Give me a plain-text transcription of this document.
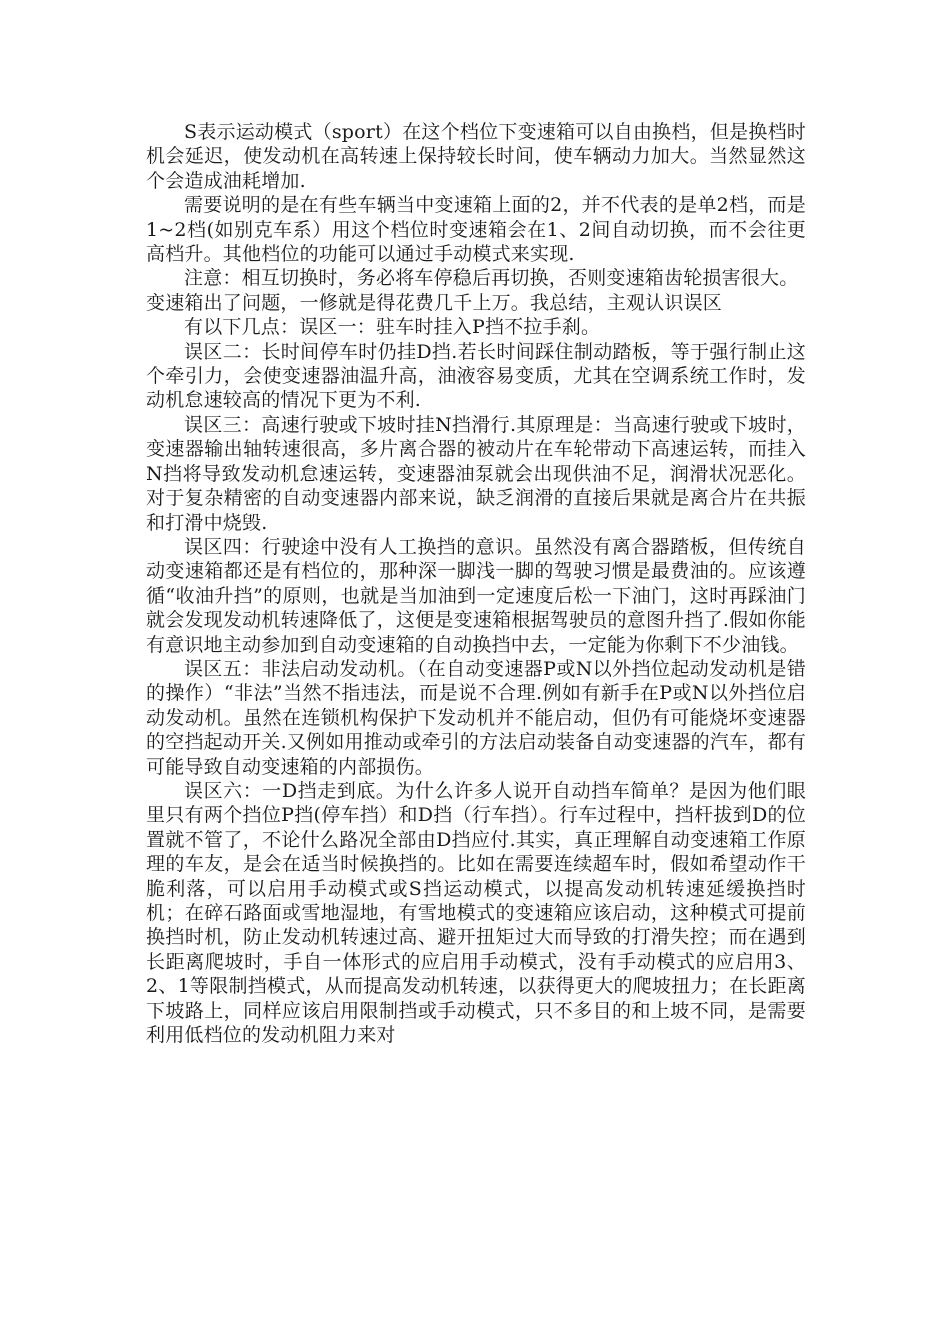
S表示运动模式（sport）在这个档位下变速箱可以自由换档，但是换档时机会延迟，使发动机在高转速上保持较长时间，使车辆动力加大。当然显然这个会造成油耗增加.

需要说明的是在有些车辆当中变速箱上面的2，并不代表的是单2档，而是1~2档(如别克车系）用这个档位时变速箱会在1、2间自动切换，而不会往更高档升。其他档位的功能可以通过手动模式来实现.

注意：相互切换时，务必将车停稳后再切换，否则变速箱齿轮损害很大。

变速箱出了问题，一修就是得花费几千上万。我总结，主观认识误区

有以下几点：误区一：驻车时挂入P挡不拉手刹。

误区二：长时间停车时仍挂D挡.若长时间踩住制动踏板，等于强行制止这个牵引力，会使变速器油温升高，油液容易变质，尤其在空调系统工作时，发动机怠速较高的情况下更为不利.

误区三：高速行驶或下坡时挂N挡滑行.其原理是：当高速行驶或下坡时，变速器输出轴转速很高，多片离合器的被动片在车轮带动下高速运转，而挂入N挡将导致发动机怠速运转，变速器油泵就会出现供油不足，润滑状况恶化。对于复杂精密的自动变速器内部来说，缺乏润滑的直接后果就是离合片在共振和打滑中烧毁.

误区四：行驶途中没有人工换挡的意识。虽然没有离合器踏板，但传统自动变速箱都还是有档位的，那种深一脚浅一脚的驾驶习惯是最费油的。应该遵循“收油升挡”的原则，也就是当加油到一定速度后松一下油门，这时再踩油门就会发现发动机转速降低了，这便是变速箱根据驾驶员的意图升挡了.假如你能有意识地主动参加到自动变速箱的自动换挡中去，一定能为你剩下不少油钱。

误区五：非法启动发动机。（在自动变速器P或N以外挡位起动发动机是错的操作）“非法”当然不指违法，而是说不合理.例如有新手在P或N以外挡位启动发动机。虽然在连锁机构保护下发动机并不能启动，但仍有可能烧坏变速器的空挡起动开关.又例如用推动或牵引的方法启动装备自动变速器的汽车，都有可能导致自动变速箱的内部损伤。

误区六：一D挡走到底。为什么许多人说开自动挡车简单？是因为他们眼里只有两个挡位P挡(停车挡）和D挡（行车挡）。行车过程中，挡杆拔到D的位置就不管了，不论什么路况全部由D挡应付.其实，真正理解自动变速箱工作原理的车友，是会在适当时候换挡的。比如在需要连续超车时，假如希望动作干脆利落，可以启用手动模式或S挡运动模式，以提高发动机转速延缓换挡时机；在碎石路面或雪地湿地，有雪地模式的变速箱应该启动，这种模式可提前换挡时机，防止发动机转速过高、避开扭矩过大而导致的打滑失控；而在遇到长距离爬坡时，手自一体形式的应启用手动模式，没有手动模式的应启用3、2、1等限制挡模式，从而提高发动机转速，以获得更大的爬坡扭力；在长距离下坡路上，同样应该启用限制挡或手动模式，只不多目的和上坡不同，是需要利用低档位的发动机阻力来对
